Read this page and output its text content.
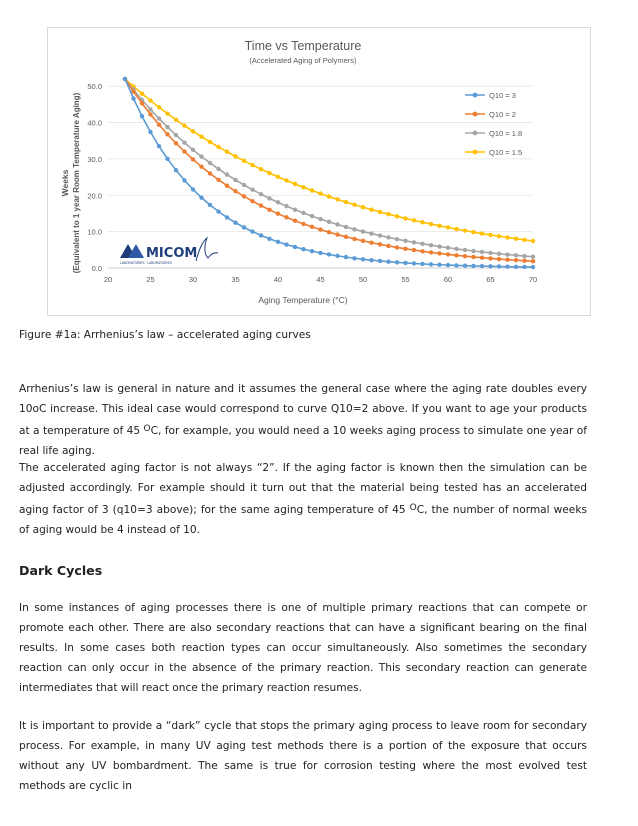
Time vs Temperature
(Accelerated Aging of Polymers)
Aging Temperature (°C)
Weeks (Equivalent to 1 year Room Temperature Aging) 0.0
10.0
20.0
30.0
40.0
50.0
20	25	30	35	40	45	50	55	60	65	70
Q10 = 3
Q10 = 2
Q10 = 1.8
Q10 = 1.5
MICOM
LABORATORIES · LABORATOIRES
Figure #1a: Arrhenius’s law – accelerated aging curves
Arrhenius’s law is general in nature and it assumes the general case where the aging rate doubles every 10oC increase. This ideal case would correspond to curve Q10=2 above. If you want to age your products at a temperature of 45 $^O$C, for example, you would need a 10 weeks aging process to simulate one year of real life aging.
The accelerated aging factor is not always “2”. If the aging factor is known then the simulation can be adjusted accordingly. For example should it turn out that the material being tested has an accelerated aging factor of 3 (q10=3 above); for the same aging temperature of 45 $^O$C, the number of normal weeks of aging would be 4 instead of 10.
Dark Cycles
In some instances of aging processes there is one of multiple primary reactions that can compete or promote each other. There are also secondary reactions that can have a significant bearing on the final results. In some cases both reaction types can occur simultaneously. Also sometimes the secondary reaction can only occur in the absence of the primary reaction. This secondary reaction can generate intermediates that will react once the primary reaction resumes.
It is important to provide a “dark” cycle that stops the primary aging process to leave room for secondary process. For example, in many UV aging test methods there is a portion of the exposure that occurs without any UV bombardment. The same is true for corrosion testing where the most evolved test methods are cyclic in
